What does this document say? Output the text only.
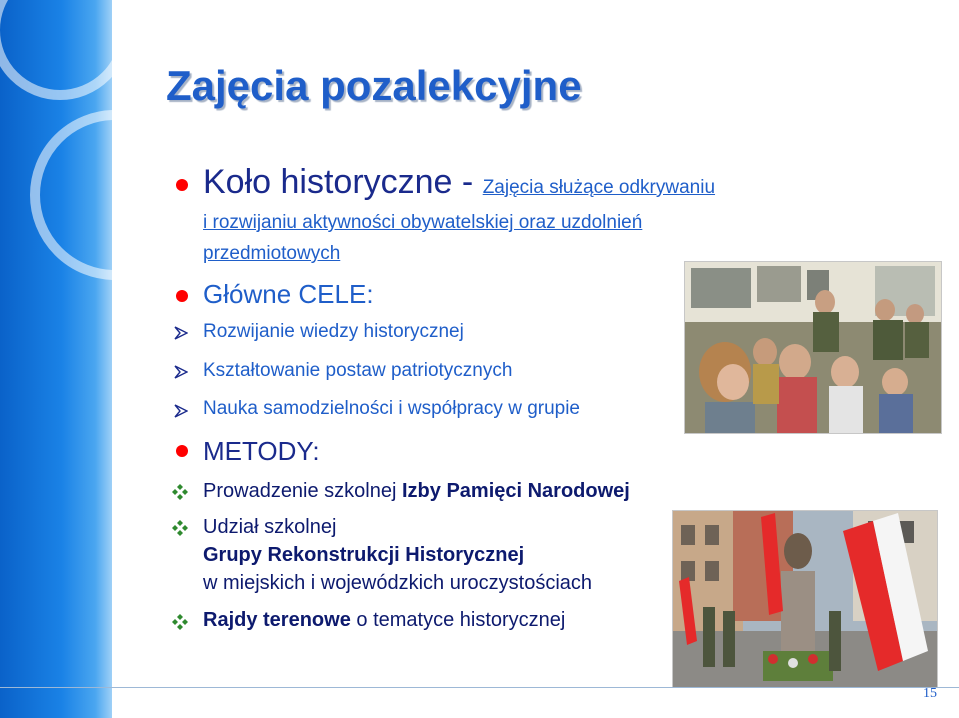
Zajęcia pozalekcyjne
Koło historyczne - Zajęcia służące odkrywaniu
i rozwijaniu aktywności obywatelskiej oraz uzdolnień
przedmiotowych
Główne CELE:
Rozwijanie wiedzy historycznej
Kształtowanie postaw patriotycznych
Nauka samodzielności i współpracy w grupie
METODY:
Prowadzenie szkolnej Izby Pamięci Narodowej
Udział szkolnej
Grupy Rekonstrukcji Historycznej
w miejskich i wojewódzkich uroczystościach
Rajdy terenowe o tematyce historycznej
15
